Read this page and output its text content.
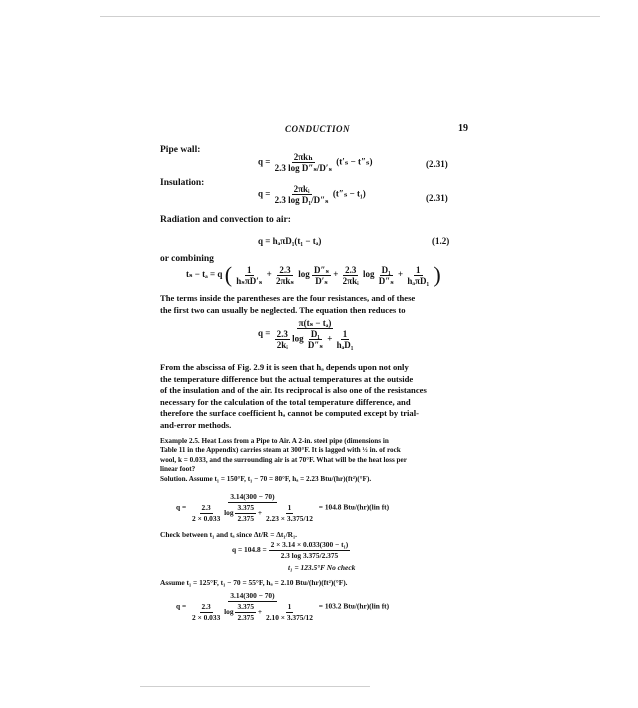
CONDUCTION	19
Pipe wall:
$q = \frac{\text{2πkₕ}}{\text{2.3 log D″ₛ/D′ₛ}} (t'_s - t''_s)$	(2.31)
Insulation:
$q = \frac{\text{2πkᵢ}}{\text{2.3 log D₁/D″ₛ}} (t''_s - t_1)$	(2.31)
Radiation and convection to air:
q = hₐπD₁(t₁ − tₐ)	(1.2)
or combining
tₛ − tₐ = q ( $\frac{1}{\text{hₛπD′ₛ}} + \frac{2.3}{\text{2πkₛ}}$ $\log \frac{\text{D″ₛ}}{\text{D′ₛ}} + \frac{2.3}{\text{2πkᵢ}}$ $\log \frac{\text{D₁}}{\text{D″ₛ}} + \frac{1}{\text{hₐπD₁}}$ )
The terms inside the parentheses are the four resistances, and of these
the first two can usually be neglected. The equation then reduces to
q =
π(tₛ − tₐ)
$\frac{2.3}{\text{2kᵢ}}$ $\log \frac{\text{D₁}}{\text{D″ₛ}} + \frac{1}{\text{hₐD₁}}$
From the abscissa of Fig. 2.9 it is seen that hₐ depends upon not only
the temperature difference but the actual temperatures at the outside
of the insulation and of the air. Its reciprocal is also one of the resistances
necessary for the calculation of the total temperature difference, and
therefore the surface coefficient hₐ cannot be computed except by trial-
and-error methods.
Example 2.5. Heat Loss from a Pipe to Air. A 2-in. steel pipe (dimensions in
Table 11 in the Appendix) carries steam at 300°F. It is lagged with ½ in. of rock
wool, k = 0.033, and the surrounding air is at 70°F. What will be the heat loss per
linear foot?
Solution. Assume t₁ = 150°F, t₁ − 70 = 80°F, hₐ = 2.23 Btu/(hr)(ft²)(°F).
q =
3.14(300 − 70)
$\frac{2.3}{2 \times 0.033}$ $\log \frac{3.375}{2.375} + \frac{1}{2.23 \times 3.375/12} = 104.8$ Btu/(hr)(lin ft)
Check between t₁ and tₐ since Δt/R = Δt₁/R₁.
$q = 104.8 = \frac{\text{2 × 3.14 × 0.033(300 − t₁)}}{2.3 \log 3.375/2.375}$
t₁ = 123.5°F No check
Assume t₁ = 125°F, t₁ − 70 = 55°F, hₐ = 2.10 Btu/(hr)(ft²)(°F).
q =
3.14(300 − 70)
$\frac{2.3}{2 \times 0.033}$ $\log \frac{3.375}{2.375} + \frac{1}{2.10 \times 3.375/12} = 103.2$ Btu/(hr)(lin ft)
